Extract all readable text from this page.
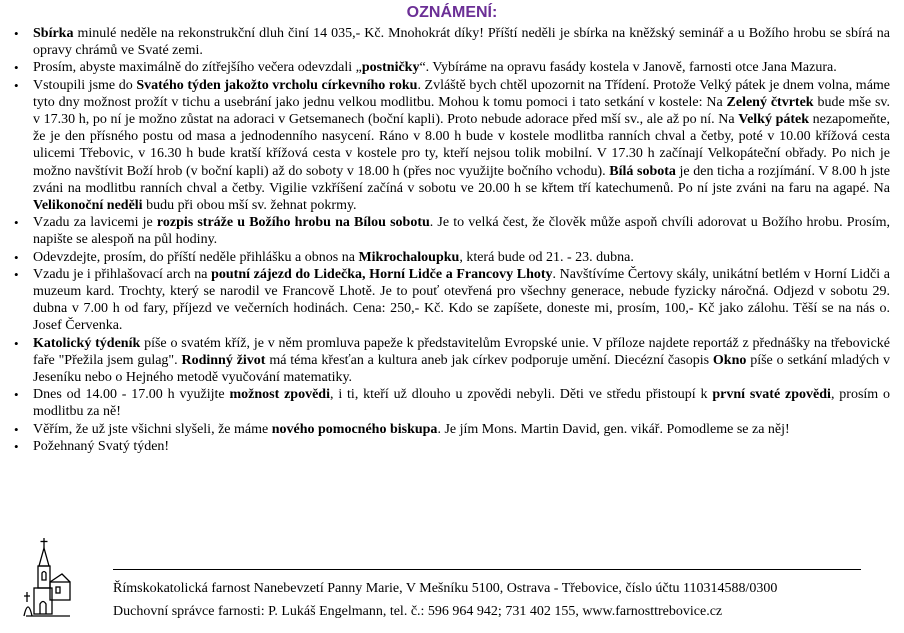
OZNÁMENÍ:
• Sbírka minulé neděle na rekonstrukční dluh činí 14 035,- Kč. Mnohokrát díky! Příští neděli je sbírka na kněžský seminář a u Božího hrobu se sbírá na opravy chrámů ve Svaté zemi.
• Prosím, abyste maximálně do zítřejšího večera odevzdali „postničky“. Vybíráme na opravu fasády kostela v Janově, farnosti otce Jana Mazura.
• Vstoupili jsme do Svatého týden jakožto vrcholu církevního roku. Zvláště bych chtěl upozornit na Třídení. Protože Velký pátek je dnem volna, máme tyto dny možnost prožít v tichu a usebrání jako jednu velkou modlitbu. Mohou k tomu pomoci i tato setkání v kostele: Na Zelený čtvrtek bude mše sv. v 17.30 h, po ní je možno zůstat na adoraci v Getsemanech (boční kapli). Proto nebude adorace před mší sv., ale až po ní. Na Velký pátek nezapomeňte, že je den přísného postu od masa a jednodenního nasycení. Ráno v 8.00 h bude v kostele modlitba ranních chval a četby, poté v 10.00 křížová cesta ulicemi Třebovic, v 16.30 h bude kratší křížová cesta v kostele pro ty, kteří nejsou tolik mobilní. V 17.30 h začínají Velkopáteční obřady. Po nich je možno navštívit Boží hrob (v boční kapli) až do soboty v 18.00 h (přes noc využijte bočního vchodu). Bílá sobota je den ticha a rozjímání. V 8.00 h jste zváni na modlitbu ranních chval a četby. Vigilie vzkříšení začíná v sobotu ve 20.00 h se křtem tří katechumenů. Po ní jste zváni na faru na agapé. Na Velikonoční neděli budu při obou mší sv. žehnat pokrmy.
• Vzadu za lavicemi je rozpis stráže u Božího hrobu na Bílou sobotu. Je to velká čest, že člověk může aspoň chvíli adorovat u Božího hrobu. Prosím, napište se alespoň na půl hodiny.
• Odevzdejte, prosím, do příští neděle přihlášku a obnos na Mikrochaloupku, která bude od 21. - 23. dubna.
• Vzadu je i přihlašovací arch na poutní zájezd do Lidečka, Horní Lidče a Francovy Lhoty. Navštívíme Čertovy skály, unikátní betlém v Horní Lidči a muzeum kard. Trochty, který se narodil ve Francově Lhotě. Je to pouť otevřená pro všechny generace, nebude fyzicky náročná. Odjezd v sobotu 29. dubna v 7.00 h od fary, příjezd ve večerních hodinách. Cena: 250,- Kč. Kdo se zapíšete, doneste mi, prosím, 100,- Kč jako zálohu. Těší se na nás o. Josef Červenka.
• Katolický týdeník píše o svatém kříž, je v něm promluva papeže k představitelům Evropské unie. V příloze najdete reportáž z přednášky na třebovické faře "Přežila jsem gulag". Rodinný život má téma křesťan a kultura aneb jak církev podporuje umění. Diecézní časopis Okno píše o setkání mladých v Jeseníku nebo o Hejného metodě vyučování matematiky.
• Dnes od 14.00 - 17.00 h využijte možnost zpovědi, i ti, kteří už dlouho u zpovědi nebyli. Děti ve středu přistoupí k první svaté zpovědi, prosím o modlitbu za ně!
• Věřím, že už jste všichni slyšeli, že máme nového pomocného biskupa. Je jím Mons. Martin David, gen. vikář. Pomodleme se za něj!
• Požehnaný Svatý týden!
Římskokatolická farnost Nanebevzetí Panny Marie, V Mešníku 5100, Ostrava - Třebovice, číslo účtu 110314588/0300
Duchovní správce farnosti: P. Lukáš Engelmann, tel. č.: 596 964 942; 731 402 155, www.farnosttrebovice.cz
